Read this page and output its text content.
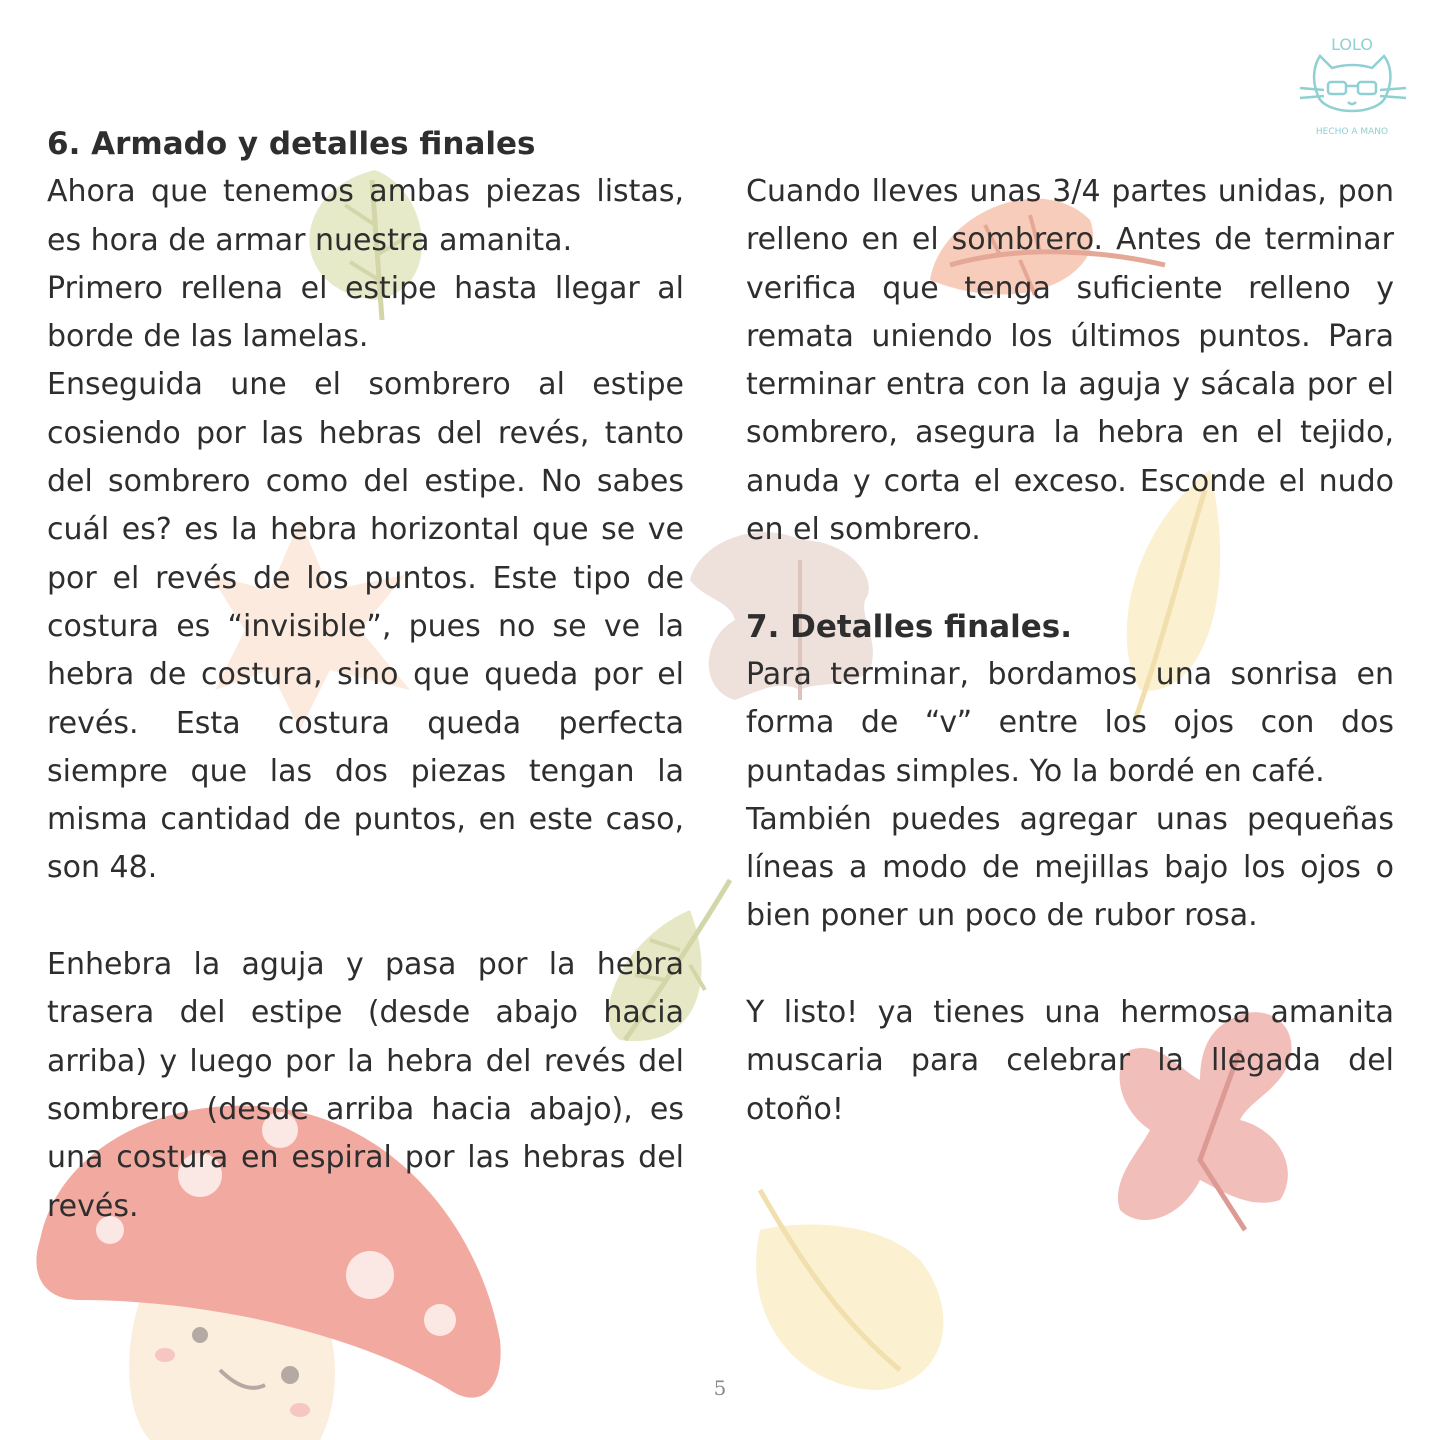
LOLO
HECHO A MANO

6. Armado y detalles finales

Ahora que tenemos ambas piezas listas, es hora de armar nuestra amanita.

Primero rellena el estipe hasta llegar al borde de las lamelas.

Enseguida une el sombrero al estipe cosiendo por las hebras del revés, tanto del sombrero como del estipe. No sabes cuál es? es la hebra horizontal que se ve por el revés de los puntos. Este tipo de costura es “invisible”, pues no se ve la hebra de costura, sino que queda por el revés. Esta costura queda perfecta siempre que las dos piezas tengan la misma cantidad de puntos, en este caso, son 48.

Enhebra la aguja y pasa por la hebra trasera del estipe (desde abajo hacia arriba) y luego por la hebra del revés del sombrero (desde arriba hacia abajo), es una costura en espiral por las hebras del revés.

Cuando lleves unas 3/4 partes unidas, pon relleno en el sombrero. Antes de terminar verifica que tenga suficiente relleno y remata uniendo los últimos puntos. Para terminar entra con la aguja y sácala por el sombrero, asegura la hebra en el tejido, anuda y corta el exceso. Esconde el nudo en el sombrero.

7. Detalles finales.

Para terminar, bordamos una sonrisa en forma de “v” entre los ojos con dos puntadas simples. Yo la bordé en café.

También puedes agregar unas pequeñas líneas a modo de mejillas bajo los ojos o bien poner un poco de rubor rosa.

Y listo! ya tienes una hermosa amanita muscaria para celebrar la llegada del otoño!

5
